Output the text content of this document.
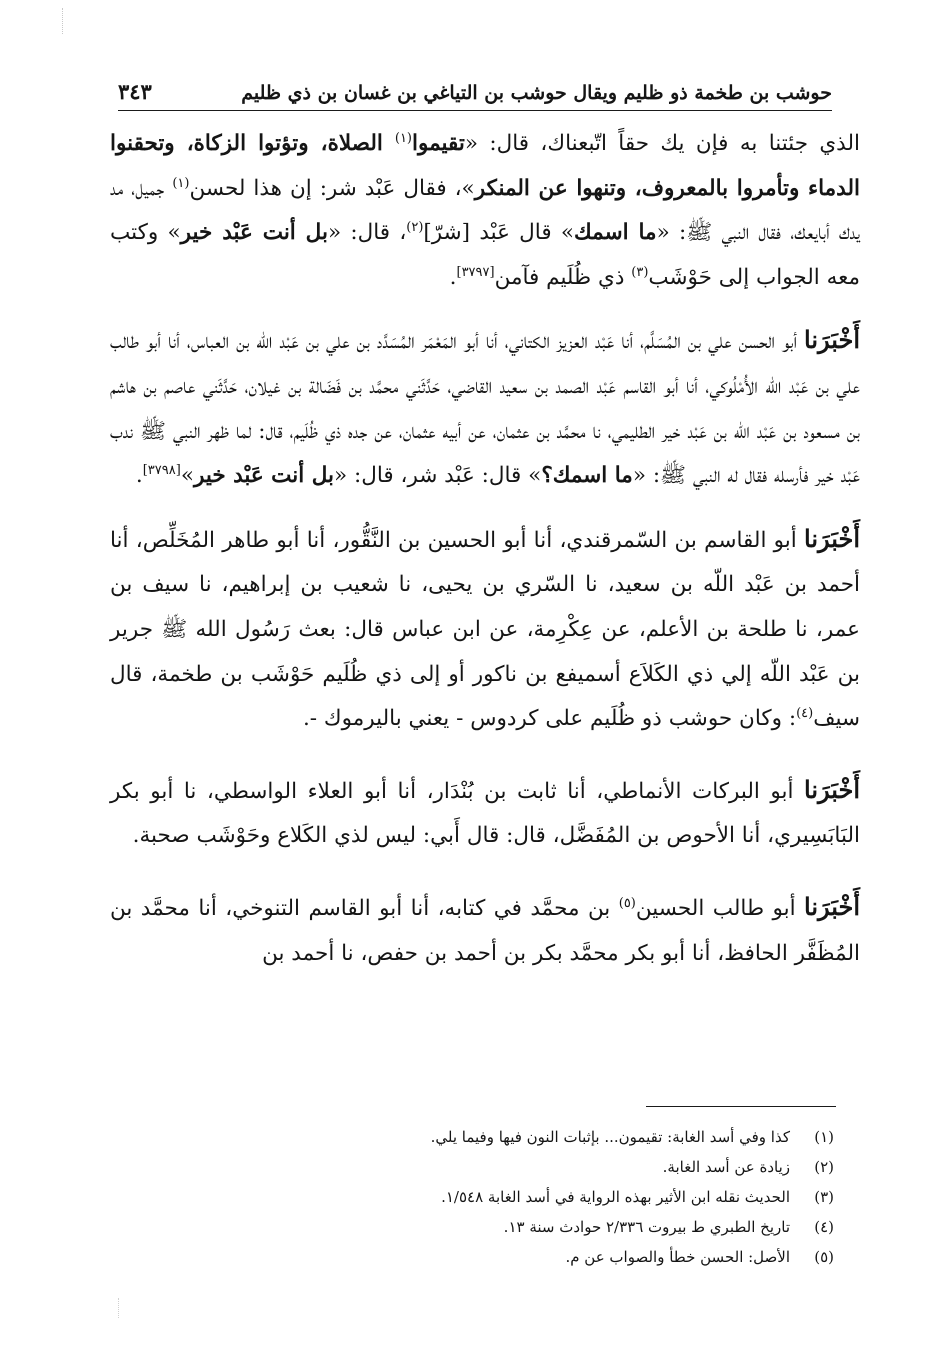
حوشب بن طخمة ذو ظليم ويقال حوشب بن التياغي بن غسان بن ذي ظليم
٣٤٣

الذي جئتنا به فإن يك حقاً اتّبعناك، قال: «تقيموا$^{(١)}$ الصلاة، وتؤتوا الزكاة، وتحقنوا الدماء وتأمروا بالمعروف، وتنهوا عن المنكر»، فقال عَبْد شر: إن هذا لحسن$^{(١)}$ جميل، مد يدك أبايعك، فقال النبي ﷺ: «ما اسمك» قال عَبْد [شرّ]$^{(٢)}$، قال: «بل أنت عَبْد خير» وكتب معه الجواب إلى حَوْشَب$^{(٣)}$ ذي ظُلَيم فآمن[٣٧٩٧].

أَخْبَرَنا أبو الحسن علي بن المُسَلَّم، أنا عَبْد العزيز الكتاني، أنا أبو المَعْمَر المُسَدَّد بن علي بن عَبْد اللّه بن العباس، أنا أبو طالب علي بن عَبْد اللّه الأُمْلُوكي، أنا أبو القاسم عَبْد الصمد بن سعيد القاضي، حَدَّثَني محمَّد بن فَضَالة بن غيلان، حَدَّثَني عاصم بن هاشم بن مسعود بن عَبْد اللّه بن عَبْد خير الطليمي، نا محمَّد بن عثمان، عن أبيه عثمان، عن جده ذي ظُلَيم، قال: لما ظهر النبي ﷺ ندب عَبْد خير فأرسله فقال له النبي ﷺ: «ما اسمك؟» قال: عَبْد شر، قال: «بل أنت عَبْد خير»[٣٧٩٨].

أَخْبَرَنا أبو القاسم بن السّمرقندي، أنا أبو الحسين بن النَّقُّور، أنا أبو طاهر المُخَلِّص، أنا أحمد بن عَبْد اللّه بن سعيد، نا السّري بن يحيى، نا شعيب بن إبراهيم، نا سيف بن عمر، نا طلحة بن الأعلم، عن عِكْرِمة، عن ابن عباس قال: بعث رَسُول الله ﷺ جرير بن عَبْد اللّه إلي ذي الكَلاَع أسميفع بن ناكور أو إلى ذي ظُلَيم حَوْشَب بن طخمة، قال سيف$^{(٤)}$: وكان حوشب ذو ظُلَيم على كردوس - يعني باليرموك -.

أَخْبَرَنا أبو البركات الأنماطي، أنا ثابت بن بُنْدَار، أنا أبو العلاء الواسطي، نا أبو بكر البَابَسِيري، أنا الأحوص بن المُفَضَّل، قال: قال أَبي: ليس لذي الكَلاع وحَوْشَب صحبة.

أَخْبَرَنا أبو طالب الحسين$^{(٥)}$ بن محمَّد في كتابه، أنا أبو القاسم التنوخي، أنا محمَّد بن المُظَفَّر الحافظ، أنا أبو بكر محمَّد بكر بن أحمد بن حفص، نا أحمد بن

(١)
كذا وفي أسد الغابة: تقيمون... بإثبات النون فيها وفيما يلي.
(٢)
زيادة عن أسد الغابة.
(٣)
الحديث نقله ابن الأثير بهذه الرواية في أسد الغابة ١/٥٤٨.
(٤)
تاريخ الطبري ط بيروت ٢/٣٣٦ حوادث سنة ١٣.
(٥)
الأصل: الحسن خطأ والصواب عن م.
